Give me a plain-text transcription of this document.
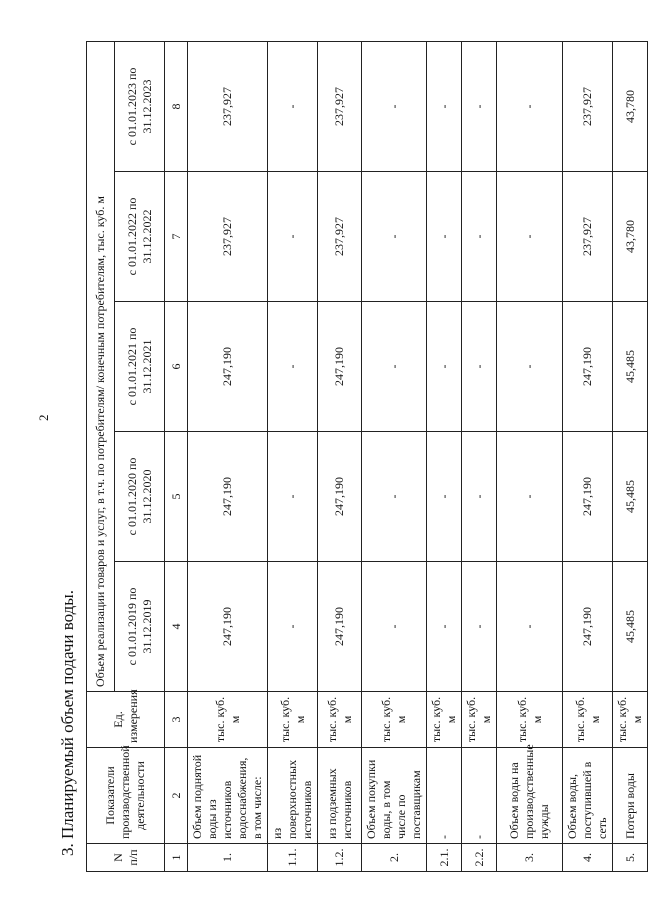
2
3. Планируемый объем подачи воды.
N п/п	Показатели производственной деятельности	Ед. измерения	Объем реализации товаров и услуг, в т.ч. по потребителям/ конечным потребителям, тыс. куб. м				
			с 01.01.2019 по 31.12.2019	с 01.01.2020 по 31.12.2020	с 01.01.2021 по 31.12.2021	с 01.01.2022 по 31.12.2022	с 01.01.2023 по 31.12.2023
1	2	3	4	5	6	7	8
1.	Объем поднятой воды из источников водоснабжения, в том числе:	тыс. куб. м	247,190	247,190	247,190	237,927	237,927
1.1.	из поверхностных источников	тыс. куб. м	-	-	-	-	-
1.2.	из подземных источников	тыс. куб. м	247,190	247,190	247,190	237,927	237,927
2.	Объем покупки воды, в том числе по поставщикам	тыс. куб. м	-	-	-	-	-
2.1.	-	тыс. куб. м	-	-	-	-	-
2.2.	-	тыс. куб. м	-	-	-	-	-
3.	Объем воды на производственные нужды	тыс. куб. м	-	-	-	-	-
4.	Объем воды, поступившей в сеть	тыс. куб. м	247,190	247,190	247,190	237,927	237,927
5.	Потери воды	тыс. куб. м	45,485	45,485	45,485	43,780	43,780
